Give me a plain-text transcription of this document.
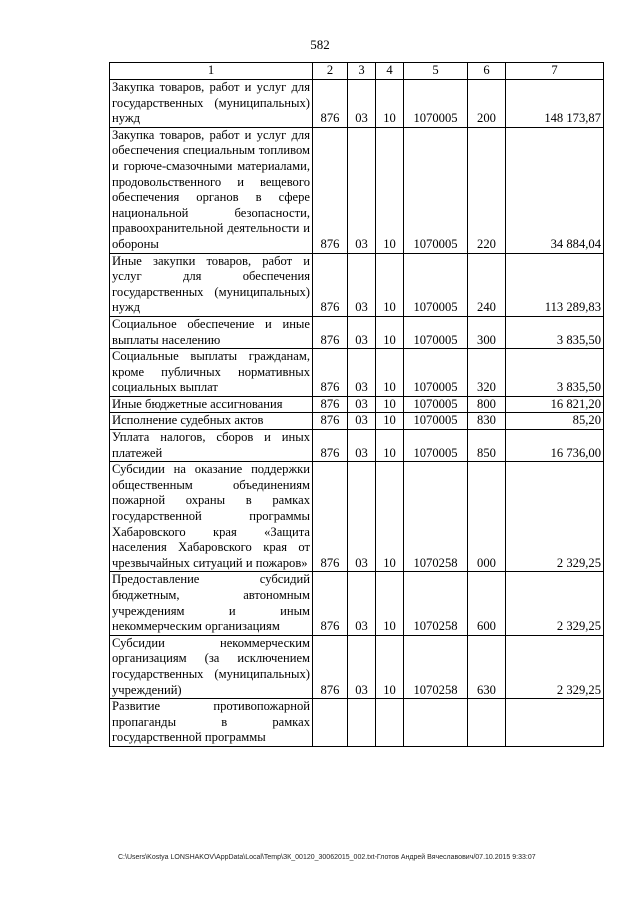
582
1	2	3	4	5	6	7
Закупка товаров, работ и услуг для государственных (муниципальных) нужд	876	03	10	1070005	200	148 173,87
Закупка товаров, работ и услуг для обеспечения специальным топливом и горюче-смазочными материалами, продовольственного и вещевого обеспечения органов в сфере национальной безопасности, правоохранительной деятельности и обороны	876	03	10	1070005	220	34 884,04
Иные закупки товаров, работ и услуг для обеспечения государственных (муниципальных) нужд	876	03	10	1070005	240	113 289,83
Социальное обеспечение и иные выплаты населению	876	03	10	1070005	300	3 835,50
Социальные выплаты гражданам, кроме публичных нормативных социальных выплат	876	03	10	1070005	320	3 835,50
Иные бюджетные ассигнования	876	03	10	1070005	800	16 821,20
Исполнение судебных актов	876	03	10	1070005	830	85,20
Уплата налогов, сборов и иных платежей	876	03	10	1070005	850	16 736,00
Субсидии на оказание поддержки общественным объединениям пожарной охраны в рамках государственной программы Хабаровского края «Защита населения Хабаровского края от чрезвычайных ситуаций и пожаров»	876	03	10	1070258	000	2 329,25
Предоставление субсидий бюджетным, автономным учреждениям и иным некоммерческим организациям	876	03	10	1070258	600	2 329,25
Субсидии некоммерческим организациям (за исключением государственных (муниципальных) учреждений)	876	03	10	1070258	630	2 329,25
Развитие противопожарной пропаганды в рамках государственной программы						
C:\Users\Kostya LONSHAKOV\AppData\Local\Temp\ЗК_00120_30062015_002.txt-Глотов Андрей Вячеславович/07.10.2015 9:33:07
